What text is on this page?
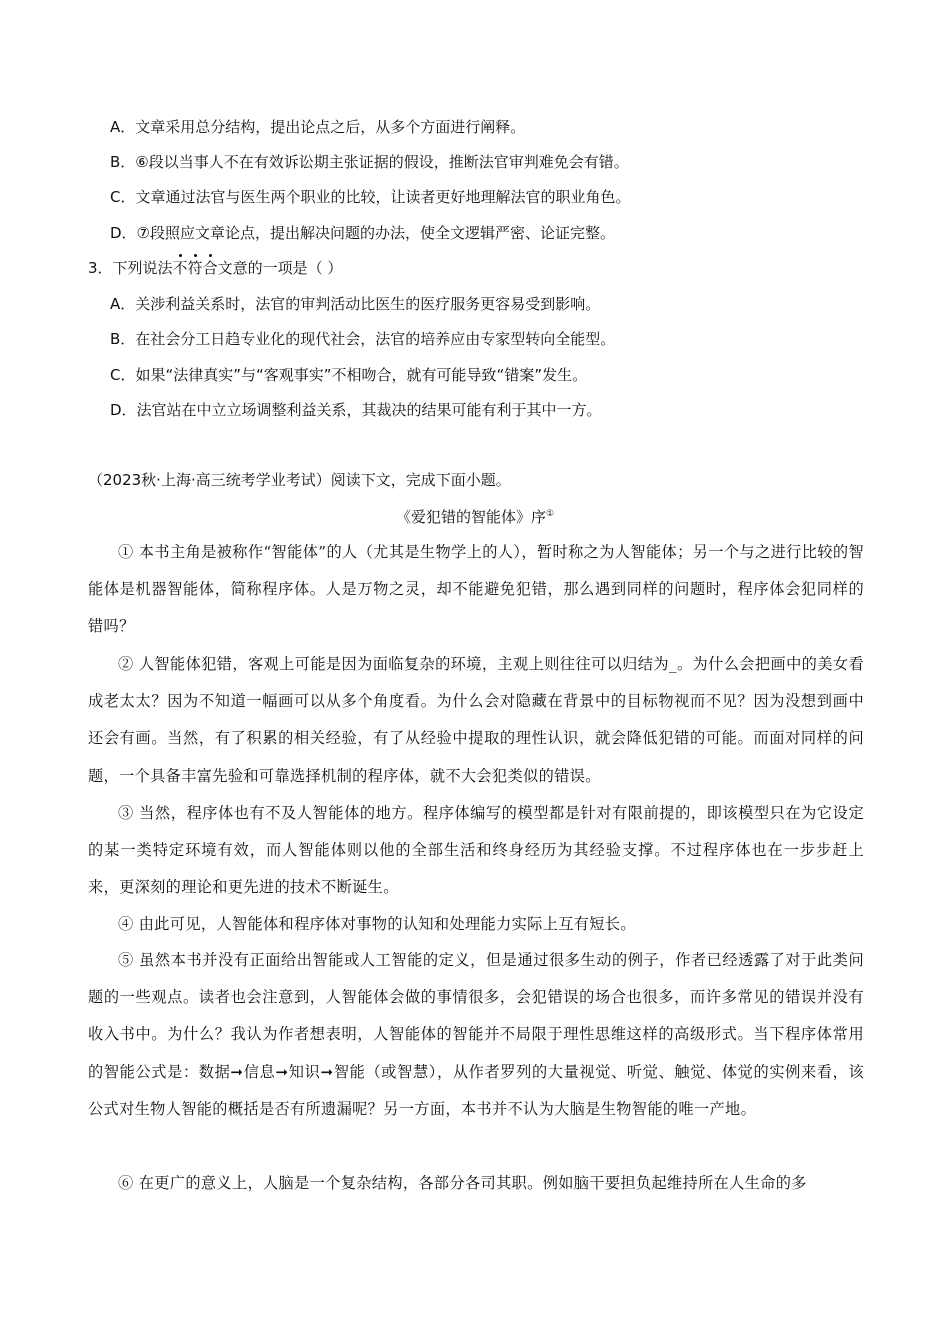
A．文章采用总分结构，提出论点之后，从多个方面进行阐释。
B．⑥段以当事人不在有效诉讼期主张证据的假设，推断法官审判难免会有错。
C．文章通过法官与医生两个职业的比较，让读者更好地理解法官的职业角色。
D．⑦段照应文章论点，提出解决问题的办法，使全文逻辑严密、论证完整。
3．下列说法不符合文意的一项是（ ）
A．关涉利益关系时，法官的审判活动比医生的医疗服务更容易受到影响。
B．在社会分工日趋专业化的现代社会，法官的培养应由专家型转向全能型。
C．如果“法律真实”与“客观事实”不相吻合，就有可能导致“错案”发生。
D．法官站在中立立场调整利益关系，其裁决的结果可能有利于其中一方。
（2023秋·上海·高三统考学业考试）阅读下文，完成下面小题。
《爱犯错的智能体》序①
① 本书主角是被称作“智能体”的人（尤其是生物学上的人），暂时称之为人智能体；另一个与之进行比较的智能体是机器智能体，简称程序体。人是万物之灵，却不能避免犯错，那么遇到同样的问题时，程序体会犯同样的错吗？
② 人智能体犯错，客观上可能是因为面临复杂的环境，主观上则往往可以归结为_。为什么会把画中的美女看成老太太？因为不知道一幅画可以从多个角度看。为什么会对隐藏在背景中的目标物视而不见？因为没想到画中还会有画。当然，有了积累的相关经验，有了从经验中提取的理性认识，就会降低犯错的可能。而面对同样的问题，一个具备丰富先验和可靠选择机制的程序体，就不大会犯类似的错误。
③ 当然，程序体也有不及人智能体的地方。程序体编写的模型都是针对有限前提的，即该模型只在为它设定的某一类特定环境有效，而人智能体则以他的全部生活和终身经历为其经验支撑。不过程序体也在一步步赶上来，更深刻的理论和更先进的技术不断诞生。
④ 由此可见，人智能体和程序体对事物的认知和处理能力实际上互有短长。
⑤ 虽然本书并没有正面给出智能或人工智能的定义，但是通过很多生动的例子，作者已经透露了对于此类问题的一些观点。读者也会注意到，人智能体会做的事情很多，会犯错误的场合也很多，而许多常见的错误并没有收入书中。为什么？我认为作者想表明，人智能体的智能并不局限于理性思维这样的高级形式。当下程序体常用的智能公式是：数据➞信息➞知识➞智能（或智慧），从作者罗列的大量视觉、听觉、触觉、体觉的实例来看，该公式对生物人智能的概括是否有所遗漏呢？另一方面，本书并不认为大脑是生物智能的唯一产地。
⑥ 在更广的意义上，人脑是一个复杂结构，各部分各司其职。例如脑干要担负起维持所在人生命的多
